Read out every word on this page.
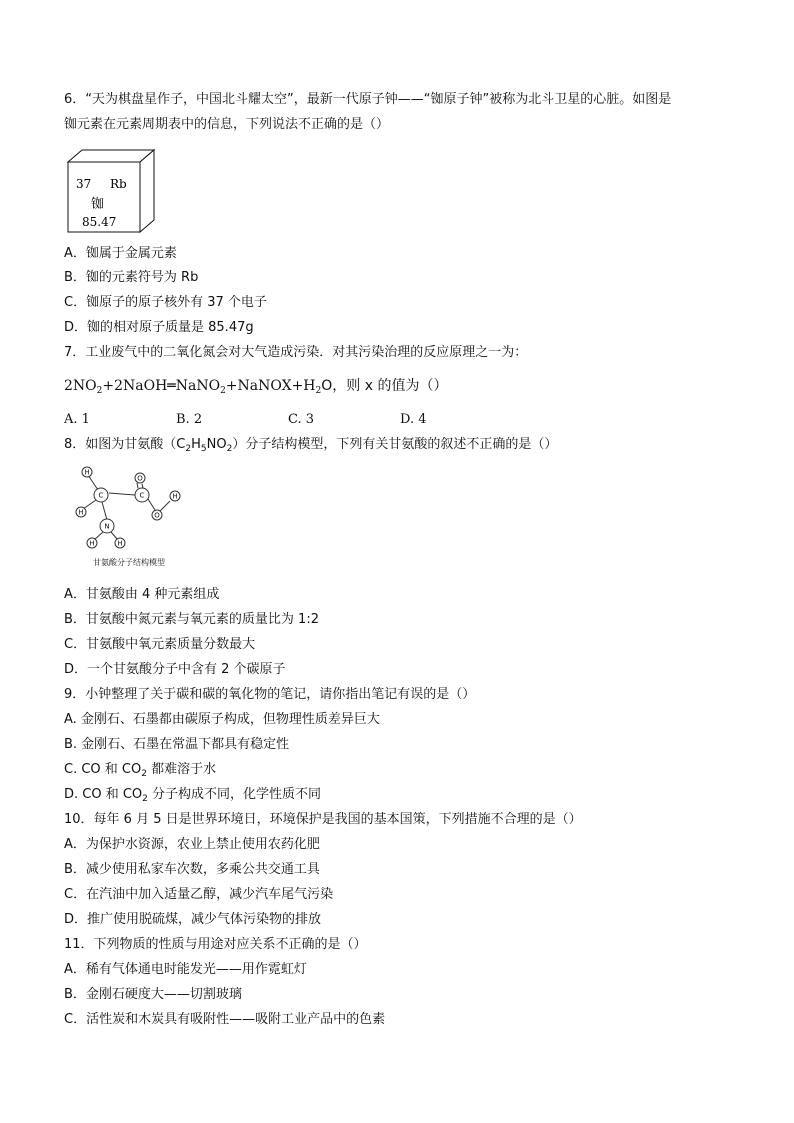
6．“天为棋盘星作子，中国北斗耀太空”，最新一代原子钟——“铷原子钟”被称为北斗卫星的心脏。如图是
铷元素在元素周期表中的信息，下列说法不正确的是（）
37 Rb
铷
85.47
A．铷属于金属元素
B．铷的元素符号为 Rb
C．铷原子的原子核外有 37 个电子
D．铷的相对原子质量是 85.47g
7．工业废气中的二氧化氮会对大气造成污染．对其污染治理的反应原理之一为：
$2NO_2+2NaOH═NaNO_2+NaNOX+H_2O$，则 x 的值为（）
A. 1	B. 2	C. 3	D. 4
8．如图为甘氨酸$(C_2H_5NO_2)$分子结构模型，下列有关甘氨酸的叙述不正确的是（）
H
C
H
C
O
H
O
N
H	H
甘氨酸分子结构模型
A．甘氨酸由 4 种元素组成
B．甘氨酸中氮元素与氧元素的质量比为 1:2
C．甘氨酸中氧元素质量分数最大
D．一个甘氨酸分子中含有 2 个碳原子
9．小钟整理了关于碳和碳的氧化物的笔记，请你指出笔记有误的是（）
A. 金刚石、石墨都由碳原子构成，但物理性质差异巨大
B. 金刚石、石墨在常温下都具有稳定性
C. CO 和 $CO_2$ 都难溶于水
D. CO 和 $CO_2$ 分子构成不同，化学性质不同
10．每年 6 月 5 日是世界环境日，环境保护是我国的基本国策，下列措施不合理的是（）
A．为保护水资源，农业上禁止使用农药化肥
B．减少使用私家车次数，多乘公共交通工具
C．在汽油中加入适量乙醇，减少汽车尾气污染
D．推广使用脱硫煤，减少气体污染物的排放
11．下列物质的性质与用途对应关系不正确的是（）
A．稀有气体通电时能发光——用作霓虹灯
B．金刚石硬度大——切割玻璃
C．活性炭和木炭具有吸附性——吸附工业产品中的色素
